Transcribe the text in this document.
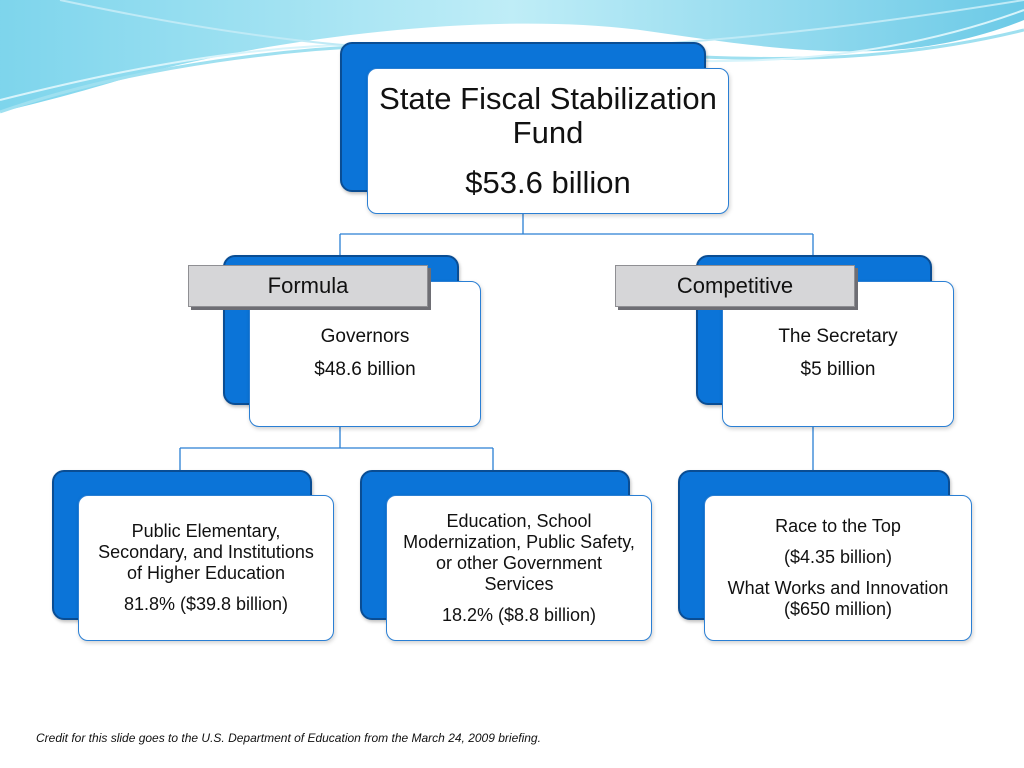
State Fiscal Stabilization Fund

$53.6 billion

Governors

$48.6 billion

Formula

The Secretary

$5 billion

Competitive

Public Elementary, Secondary, and Institutions of Higher Education

81.8% ($39.8 billion)

Education, School Modernization, Public Safety, or other Government Services

18.2% ($8.8 billion)

Race to the Top

($4.35 billion)

What Works and Innovation ($650 million)

Credit for this slide goes to the U.S. Department of Education from the March 24, 2009 briefing.
